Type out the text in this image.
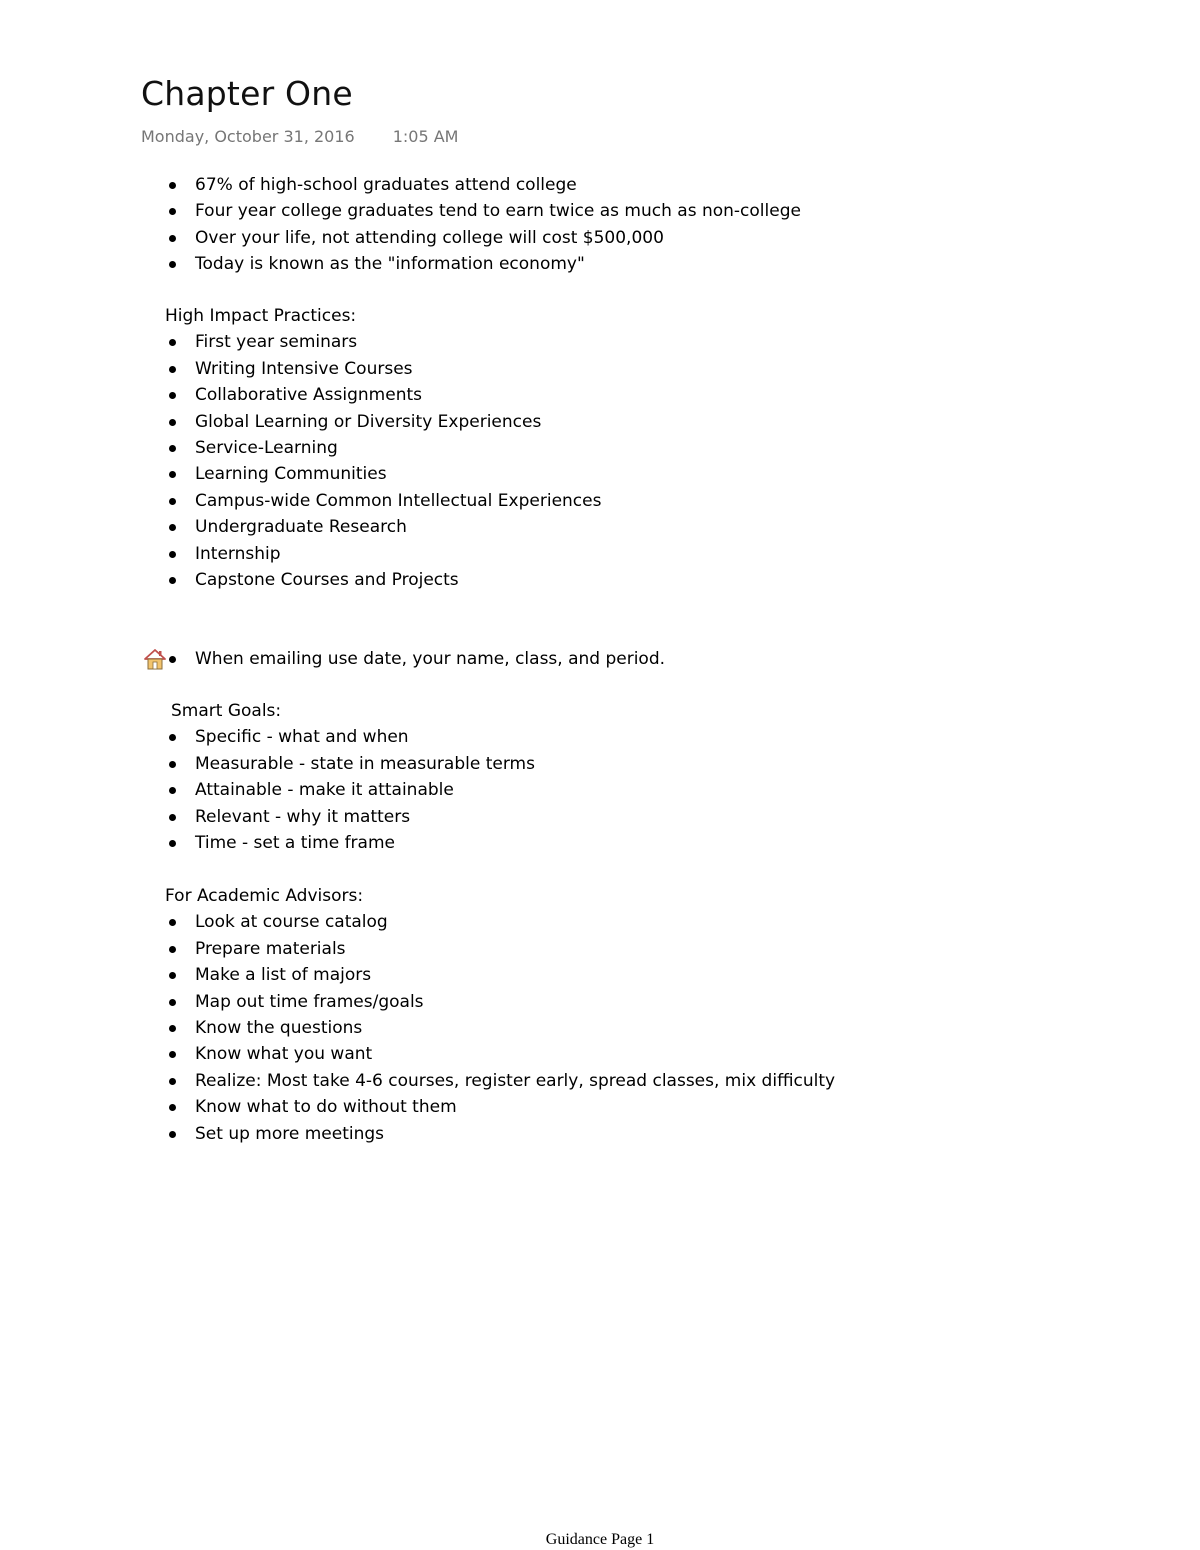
Chapter One
Monday, October 31, 2016 1:05 AM
67% of high-school graduates attend college
Four year college graduates tend to earn twice as much as non-college
Over your life, not attending college will cost $500,000
Today is known as the "information economy"

High Impact Practices:

First year seminars
Writing Intensive Courses
Collaborative Assignments
Global Learning or Diversity Experiences
Service-Learning
Learning Communities
Campus-wide Common Intellectual Experiences
Undergraduate Research
Internship
Capstone Courses and Projects
When emailing use date, your name, class, and period.

Smart Goals:

Specific - what and when
Measurable - state in measurable terms
Attainable - make it attainable
Relevant - why it matters
Time - set a time frame

For Academic Advisors:

Look at course catalog
Prepare materials
Make a list of majors
Map out time frames/goals
Know the questions
Know what you want
Realize: Most take 4-6 courses, register early, spread classes, mix difficulty
Know what to do without them
Set up more meetings
Guidance Page 1
